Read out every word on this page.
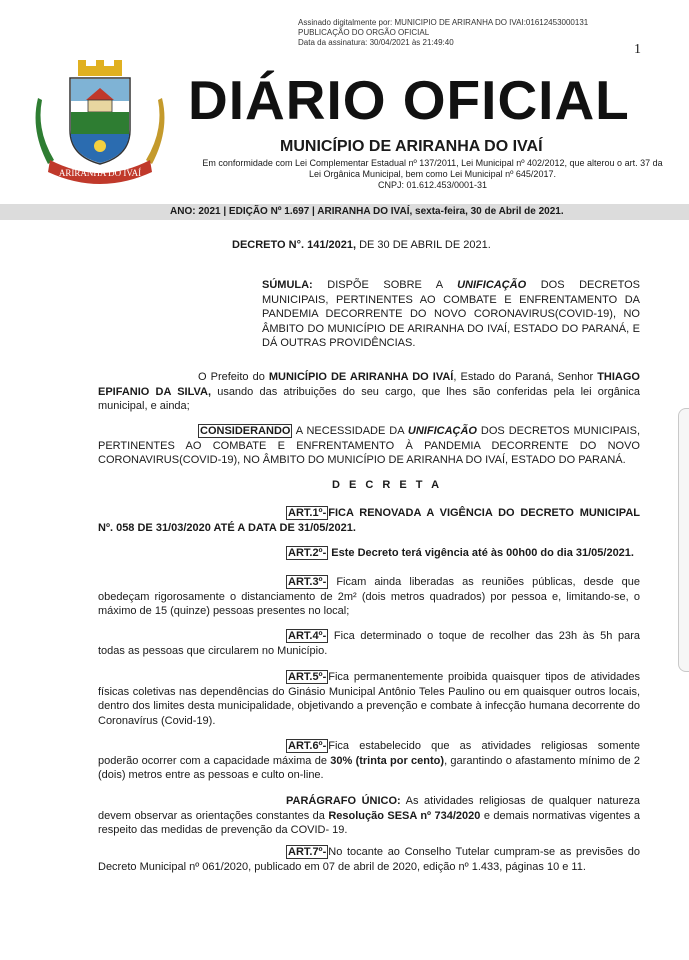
Assinado digitalmente por: MUNICIPIO DE ARIRANHA DO IVAI:01612453000131
PUBLICAÇÃO DO ORGÃO OFICIAL
Data da assinatura: 30/04/2021 às 21:49:40	1
ARIRANHA DO IVAÍ
DIÁRIO OFICIAL
MUNICÍPIO DE ARIRANHA DO IVAÍ
Em conformidade com Lei Complementar Estadual nº 137/2011, Lei Municipal nº 402/2012, que alterou o art. 37 da
Lei Orgânica Municipal, bem como Lei Municipal nº 645/2017.
CNPJ: 01.612.453/0001-31
ANO: 2021 | EDIÇÃO Nº 1.697 | ARIRANHA DO IVAÍ, sexta-feira, 30 de Abril de 2021.
DECRETO N°. 141/2021, DE 30 DE ABRIL DE 2021.
SÚMULA: DISPÕE SOBRE A UNIFICAÇÃO DOS DECRETOS MUNICIPAIS, PERTINENTES AO COMBATE E ENFRENTAMENTO DA PANDEMIA DECORRENTE DO NOVO CORONAVIRUS(COVID-19), NO ÂMBITO DO MUNICÍPIO DE ARIRANHA DO IVAÍ, ESTADO DO PARANÁ, E DÁ OUTRAS PROVIDÊNCIAS.
O Prefeito do MUNICÍPIO DE ARIRANHA DO IVAÍ, Estado do Paraná, Senhor THIAGO EPIFANIO DA SILVA, usando das atribuições do seu cargo, que lhes são conferidas pela lei orgânica municipal, e ainda;
CONSIDERANDO A NECESSIDADE DA UNIFICAÇÃO DOS DECRETOS MUNICIPAIS, PERTINENTES AO COMBATE E ENFRENTAMENTO À PANDEMIA DECORRENTE DO NOVO CORONAVIRUS(COVID-19), NO ÂMBITO DO MUNICÍPIO DE ARIRANHA DO IVAÍ, ESTADO DO PARANÁ.
D E C R E T A
ART.1º- FICA RENOVADA A VIGÊNCIA DO DECRETO MUNICIPAL Nº. 058 DE 31/03/2020 ATÉ A DATA DE 31/05/2021.
ART.2º- Este Decreto terá vigência até às 00h00 do dia 31/05/2021.
ART.3º- Ficam ainda liberadas as reuniões públicas, desde que obedeçam rigorosamente o distanciamento de 2m² (dois metros quadrados) por pessoa e, limitando-se, o máximo de 15 (quinze) pessoas presentes no local;
ART.4º- Fica determinado o toque de recolher das 23h às 5h para todas as pessoas que circularem no Município.
ART.5º- Fica permanentemente proibida quaisquer tipos de atividades físicas coletivas nas dependências do Ginásio Municipal Antônio Teles Paulino ou em quaisquer outros locais, dentro dos limites desta municipalidade, objetivando a prevenção e combate à infecção humana decorrente do Coronavírus (Covid-19).
ART.6º- Fica estabelecido que as atividades religiosas somente poderão ocorrer com a capacidade máxima de 30% (trinta por cento), garantindo o afastamento mínimo de 2 (dois) metros entre as pessoas e culto on-line.
PARÁGRAFO ÚNICO: As atividades religiosas de qualquer natureza devem observar as orientações constantes da Resolução SESA nº 734/2020 e demais normativas vigentes a respeito das medidas de prevenção da COVID- 19.
ART.7º- No tocante ao Conselho Tutelar cumpram-se as previsões do Decreto Municipal nº 061/2020, publicado em 07 de abril de 2020, edição nº 1.433, páginas 10 e 11.
